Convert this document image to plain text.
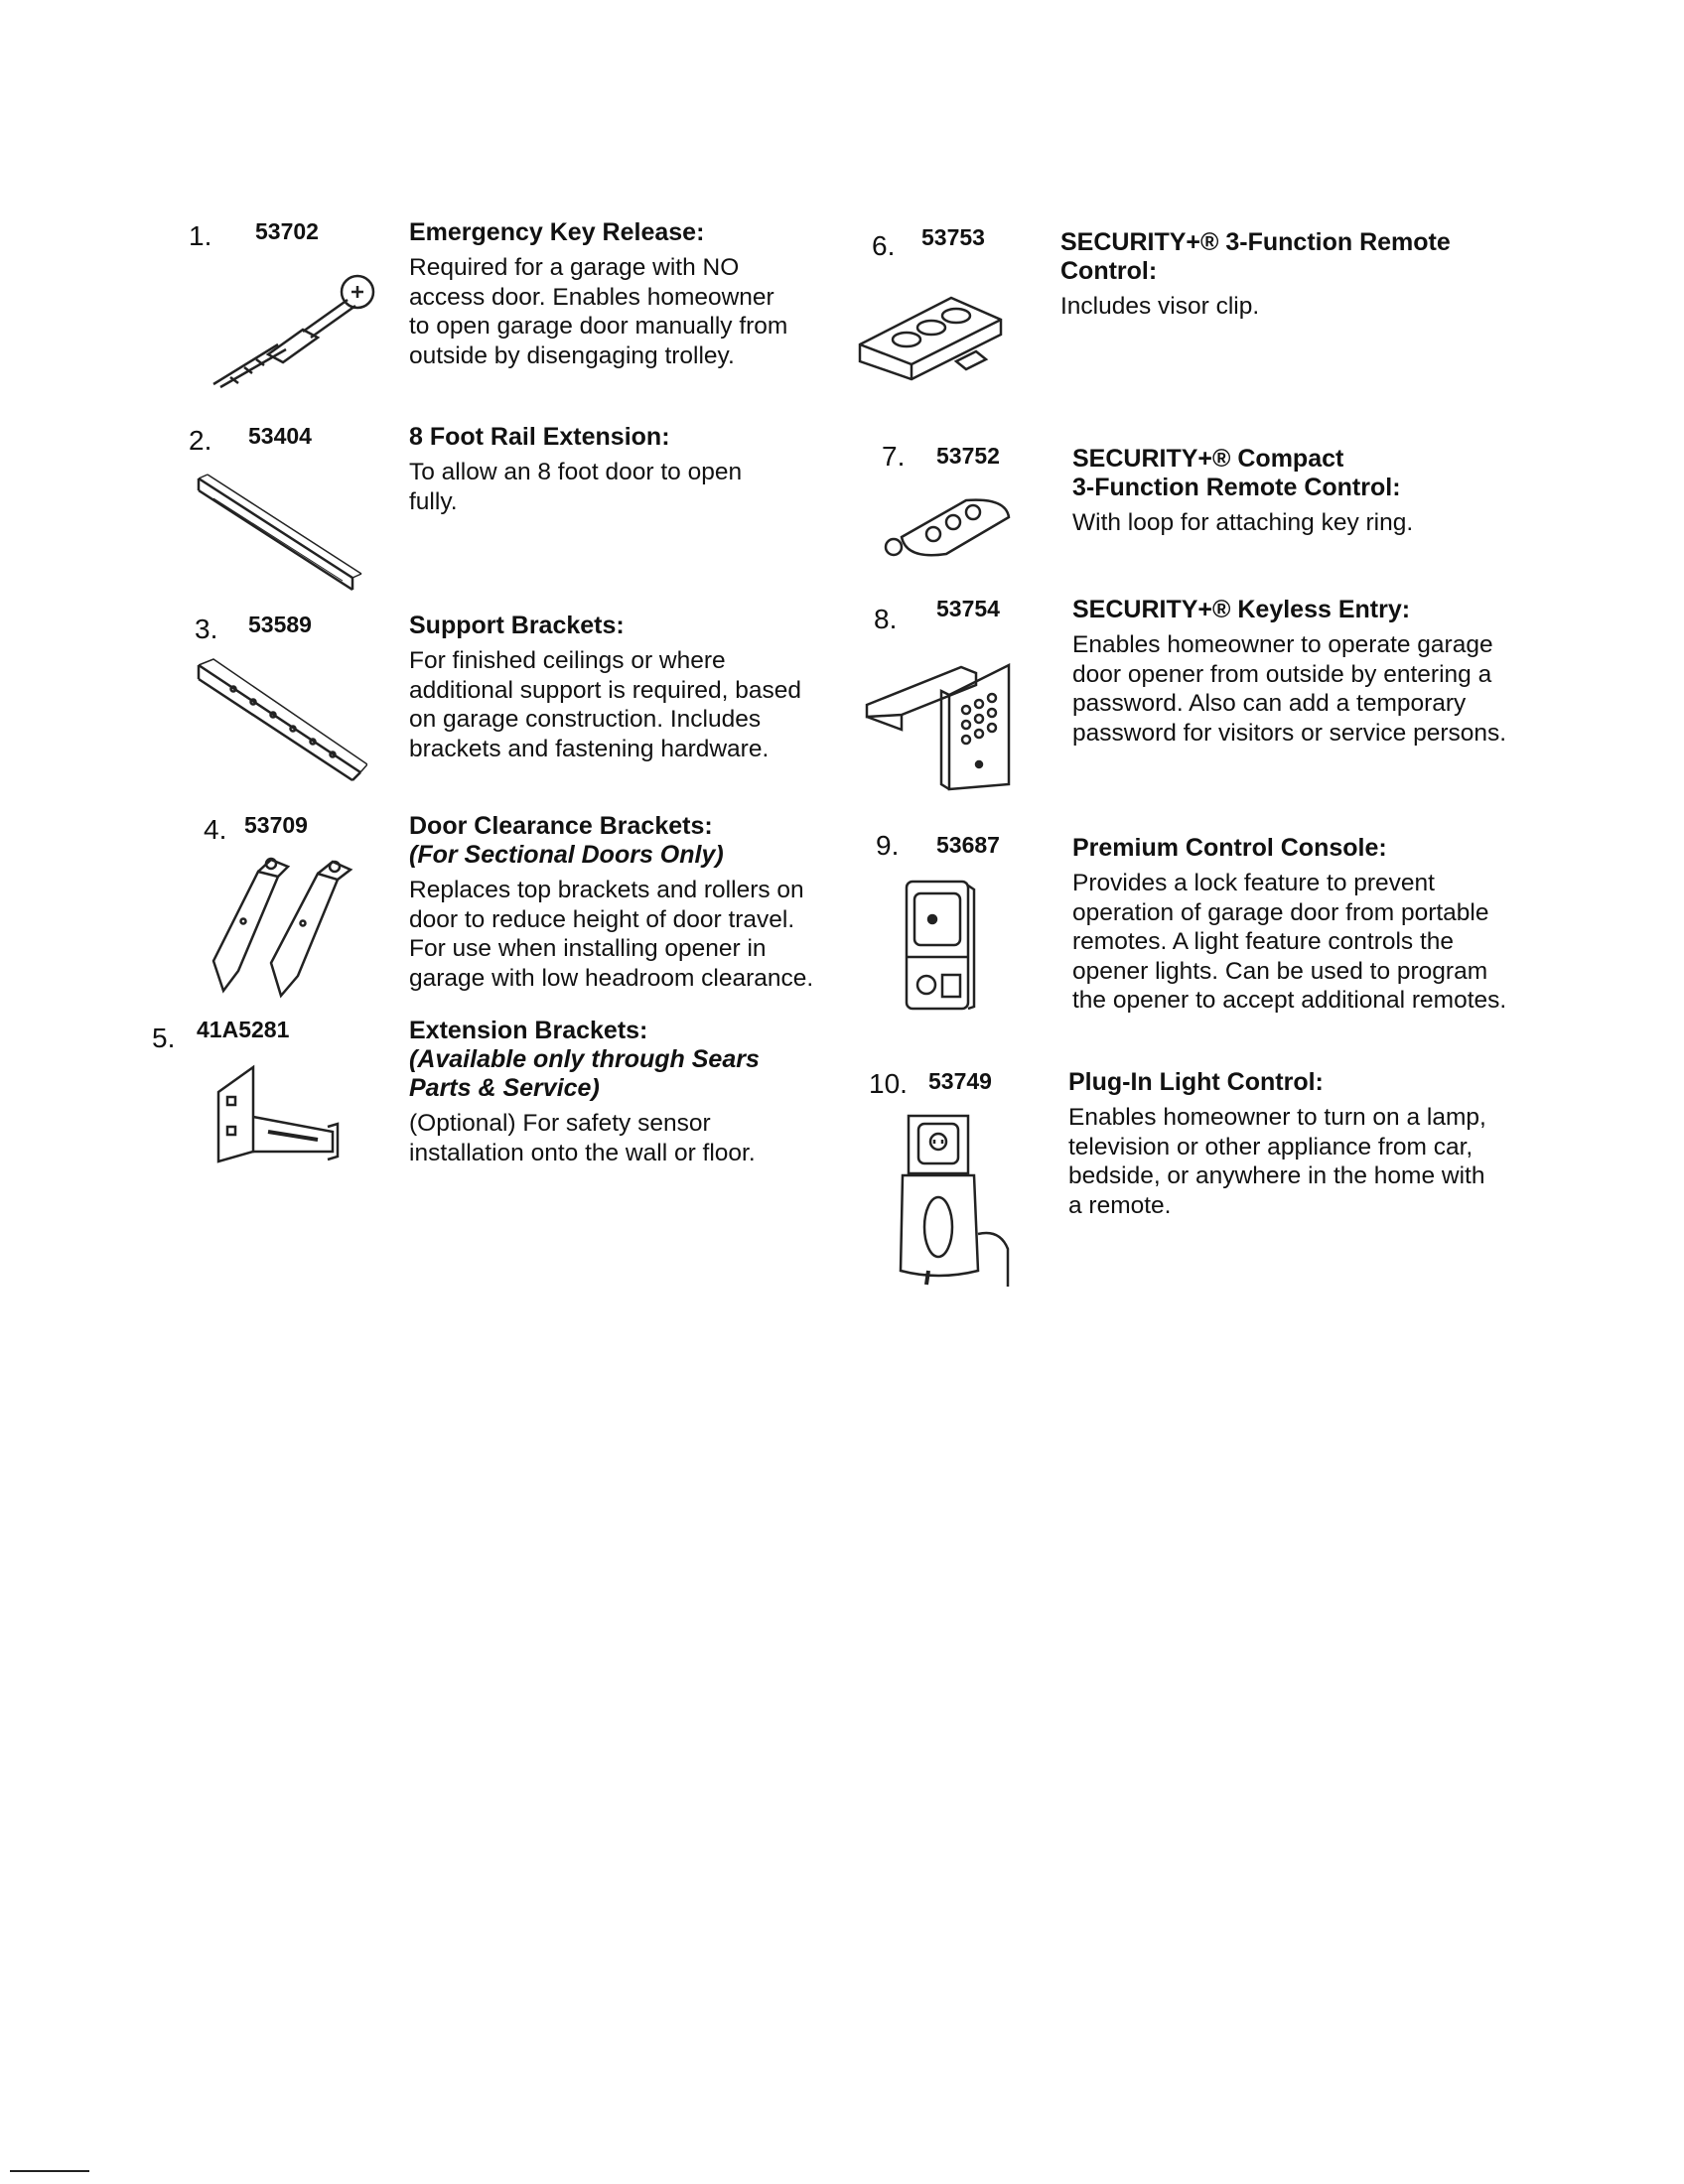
1. 53702	Emergency Key Release:

Required for a garage with NO
access door. Enables homeowner
to open garage door manually from
outside by disengaging trolley.

2. 53404	8 Foot Rail Extension:

To allow an 8 foot door to open
fully.

3. 53589	Support Brackets:

For finished ceilings or where
additional support is required, based
on garage construction. Includes
brackets and fastening hardware.

4. 53709	Door Clearance Brackets:

(For Sectional Doors Only)

Replaces top brackets and rollers on
door to reduce height of door travel.
For use when installing opener in
garage with low headroom clearance.

5. 41A5281	Extension Brackets:

(Available only through Sears
Parts & Service)

(Optional) For safety sensor
installation onto the wall or floor.

6. 53753	SECURITY+® 3-Function Remote
Control:

Includes visor clip.

7. 53752	SECURITY+® Compact
3-Function Remote Control:

With loop for attaching key ring.

8. 53754	SECURITY+® Keyless Entry:

Enables homeowner to operate garage
door opener from outside by entering a
password. Also can add a temporary
password for visitors or service persons.

9. 53687	Premium Control Console:

Provides a lock feature to prevent
operation of garage door from portable
remotes. A light feature controls the
opener lights. Can be used to program
the opener to accept additional remotes.

10. 53749	Plug-In Light Control:

Enables homeowner to turn on a lamp,
television or other appliance from car,
bedside, or anywhere in the home with
a remote.
